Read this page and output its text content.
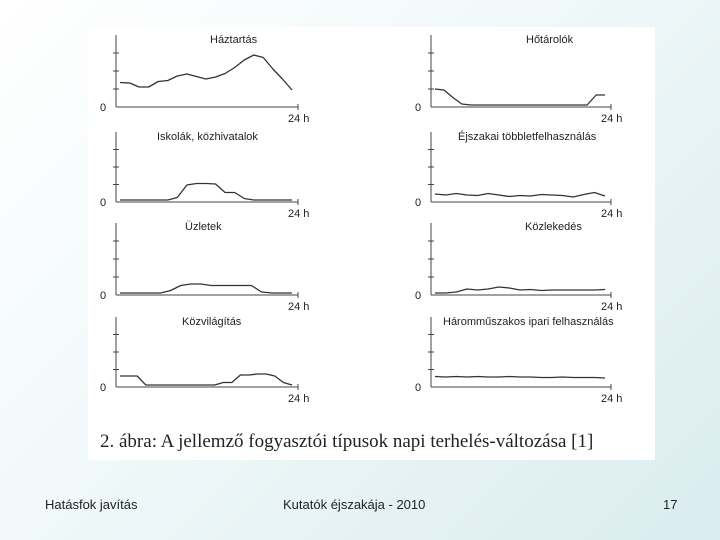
0
24 h
Háztartás
0
24 h
Hőtárolók
0
24 h
Iskolák, közhivatalok
0
24 h
Éjszakai többletfelhasználás
0
24 h
Üzletek
0
24 h
Közlekedés
0
24 h
Közvilágítás
0
24 h
Háromműszakos ipari felhasználás
2. ábra: A jellemző fogyasztói típusok napi terhelés-változása [1]
Hatásfok javítás	Kutatók éjszakája - 2010	17
